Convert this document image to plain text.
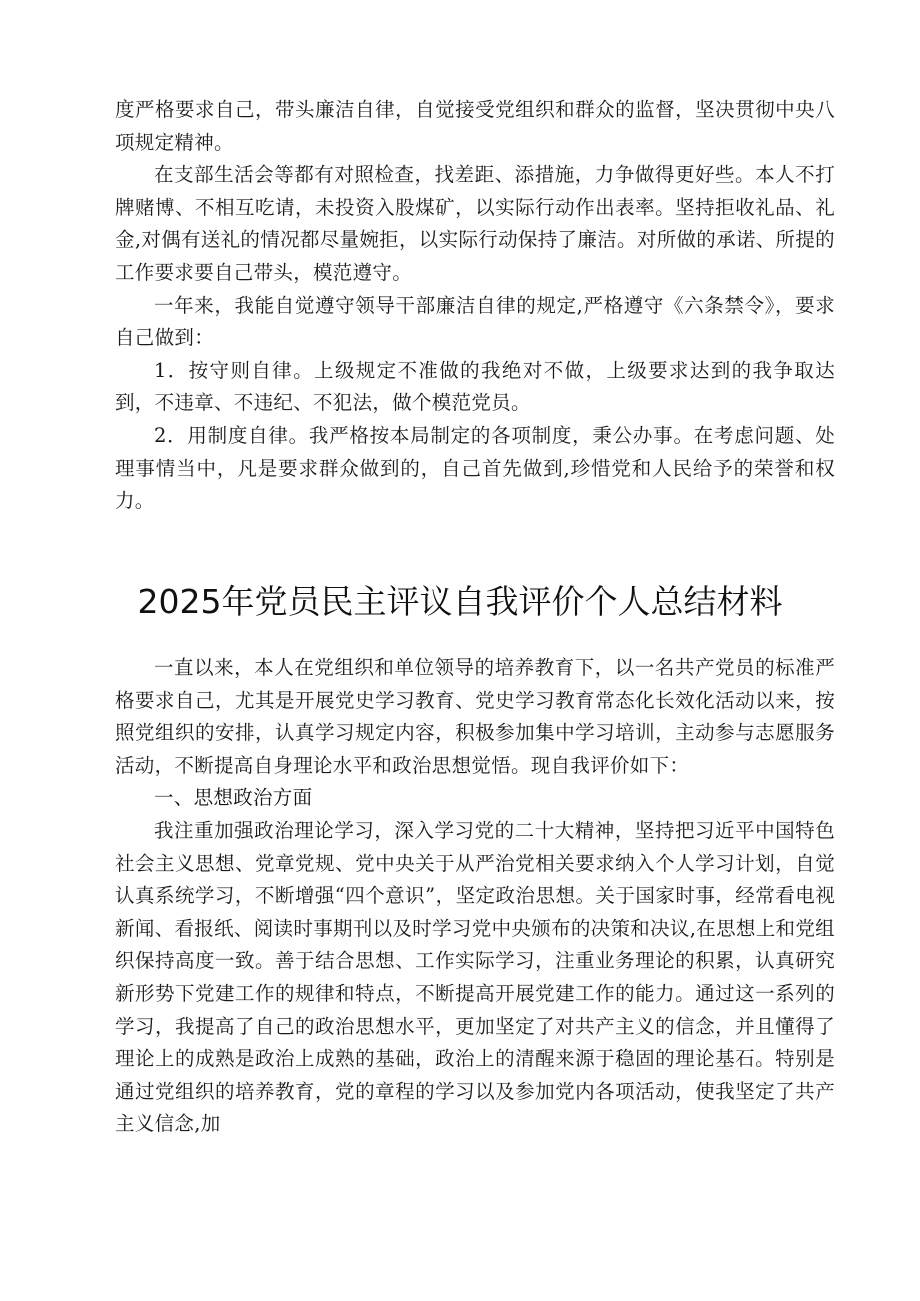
度严格要求自己，带头廉洁自律，自觉接受党组织和群众的监督，坚决贯彻中央八项规定精神。

在支部生活会等都有对照检查，找差距、添措施，力争做得更好些。本人不打牌赌博、不相互吃请，未投资入股煤矿，以实际行动作出表率。坚持拒收礼品、礼金,对偶有送礼的情况都尽量婉拒，以实际行动保持了廉洁。对所做的承诺、所提的工作要求要自己带头，模范遵守。

一年来，我能自觉遵守领导干部廉洁自律的规定,严格遵守《六条禁令》，要求自己做到：

1．按守则自律。上级规定不准做的我绝对不做，上级要求达到的我争取达到，不违章、不违纪、不犯法，做个模范党员。

2．用制度自律。我严格按本局制定的各项制度，秉公办事。在考虑问题、处理事情当中，凡是要求群众做到的，自己首先做到,珍惜党和人民给予的荣誉和权力。

2025年党员民主评议自我评价个人总结材料

一直以来，本人在党组织和单位领导的培养教育下，以一名共产党员的标准严格要求自己，尤其是开展党史学习教育、党史学习教育常态化长效化活动以来，按照党组织的安排，认真学习规定内容，积极参加集中学习培训，主动参与志愿服务活动，不断提高自身理论水平和政治思想觉悟。现自我评价如下：

一、思想政治方面

我注重加强政治理论学习，深入学习党的二十大精神，坚持把习近平中国特色社会主义思想、党章党规、党中央关于从严治党相关要求纳入个人学习计划，自觉认真系统学习，不断增强“四个意识”，坚定政治思想。关于国家时事，经常看电视新闻、看报纸、阅读时事期刊以及时学习党中央颁布的决策和决议,在思想上和党组织保持高度一致。善于结合思想、工作实际学习，注重业务理论的积累，认真研究新形势下党建工作的规律和特点，不断提高开展党建工作的能力。通过这一系列的学习，我提高了自己的政治思想水平，更加坚定了对共产主义的信念，并且懂得了理论上的成熟是政治上成熟的基础，政治上的清醒来源于稳固的理论基石。特别是通过党组织的培养教育，党的章程的学习以及参加党内各项活动，使我坚定了共产主义信念,加
